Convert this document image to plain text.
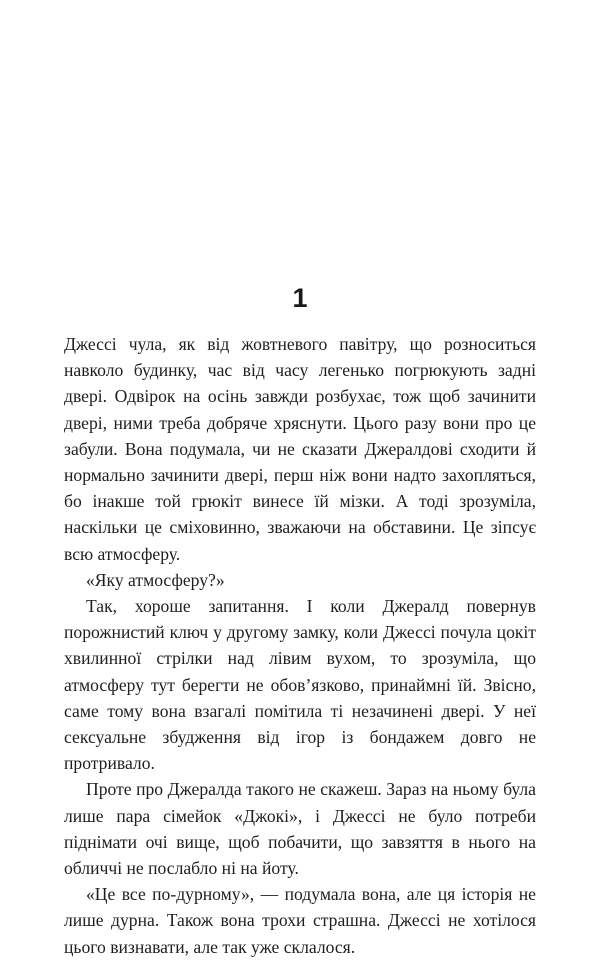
1

Джессі чула, як від жовтневого павітру, що розноситься навколо будинку, час від часу легенько погрюкують задні двері. Одвірок на осінь завжди розбухає, тож щоб зачинити двері, ними треба добряче хряснути. Цього разу вони про це забули. Вона подумала, чи не сказати Джералдові сходити й нормально зачинити двері, перш ніж вони надто захопляться, бо інакше той грюкіт винесе їй мізки. А тоді зрозуміла, наскільки це сміховинно, зважаючи на обставини. Це зіпсує всю атмосферу.

«Яку атмосферу?»

Так, хороше запитання. І коли Джералд повернув порожнистий ключ у другому замку, коли Джессі почула цокіт хвилинної стрілки над лівим вухом, то зрозуміла, що атмосферу тут берегти не обов’язково, принаймні їй. Звісно, саме тому вона взагалі помітила ті незачинені двері. У неї сексуальне збудження від ігор із бондажем довго не протривало.

Проте про Джералда такого не скажеш. Зараз на ньому була лише пара сімейок «Джокі», і Джессі не було потреби піднімати очі вище, щоб побачити, що завзяття в нього на обличчі не послабло ні на йоту.

«Це все по-дурному», — подумала вона, але ця історія не лише дурна. Також вона трохи страшна. Джессі не хотілося цього визнавати, але так уже склалося.
